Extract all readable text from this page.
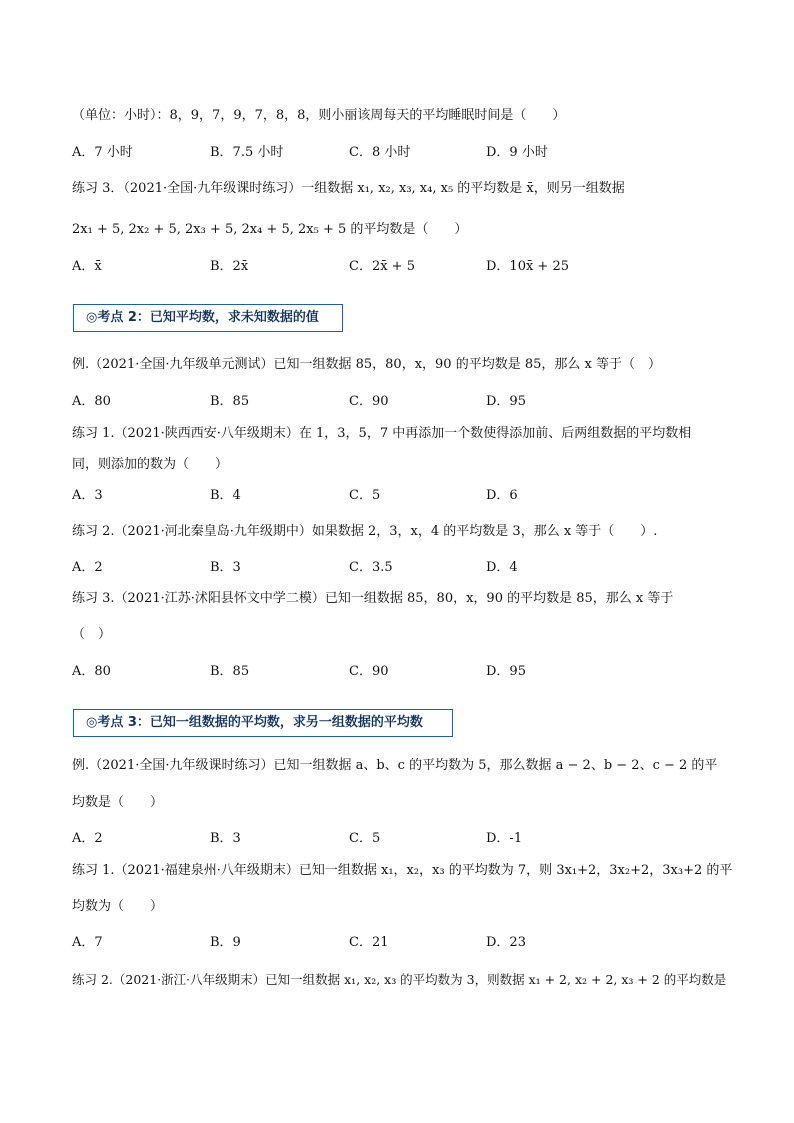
（单位：小时）：8，9，7，9，7，8，8，则小丽该周每天的平均睡眠时间是（　　）
A．7 小时	B．7.5 小时	C．8 小时	D．9 小时
练习 3．（2021·全国·九年级课时练习）一组数据 x₁, x₂, x₃, x₄, x₅ 的平均数是 x̄，则另一组数据
2x₁ + 5, 2x₂ + 5, 2x₃ + 5, 2x₄ + 5, 2x₅ + 5 的平均数是（　　）
A．x̄	B．2x̄	C．2x̄ + 5	D．10x̄ + 25
◎考点 2：已知平均数，求未知数据的值
例.（2021·全国·九年级单元测试）已知一组数据 85，80，x，90 的平均数是 85，那么 x 等于（　）
A．80	B．85	C．90	D．95
练习 1.（2021·陕西西安·八年级期末）在 1，3，5，7 中再添加一个数使得添加前、后两组数据的平均数相
同，则添加的数为（　　）
A．3	B．4	C．5	D．6
练习 2.（2021·河北秦皇岛·九年级期中）如果数据 2，3，x，4 的平均数是 3，那么 x 等于（　　）.
A．2	B．3	C．3.5	D．4
练习 3.（2021·江苏·沭阳县怀文中学二模）已知一组数据 85，80，x，90 的平均数是 85，那么 x 等于
（　）
A．80	B．85	C．90	D．95
◎考点 3：已知一组数据的平均数，求另一组数据的平均数
例.（2021·全国·九年级课时练习）已知一组数据 a、b、c 的平均数为 5，那么数据 a − 2、b − 2、c − 2 的平
均数是（　　）
A．2	B．3	C．5	D．-1
练习 1.（2021·福建泉州·八年级期末）已知一组数据 x₁，x₂，x₃ 的平均数为 7，则 3x₁+2，3x₂+2，3x₃+2 的平
均数为（　　）
A．7	B．9	C．21	D．23
练习 2.（2021·浙江·八年级期末）已知一组数据 x₁, x₂, x₃ 的平均数为 3，则数据 x₁ + 2, x₂ + 2, x₃ + 2 的平均数是
